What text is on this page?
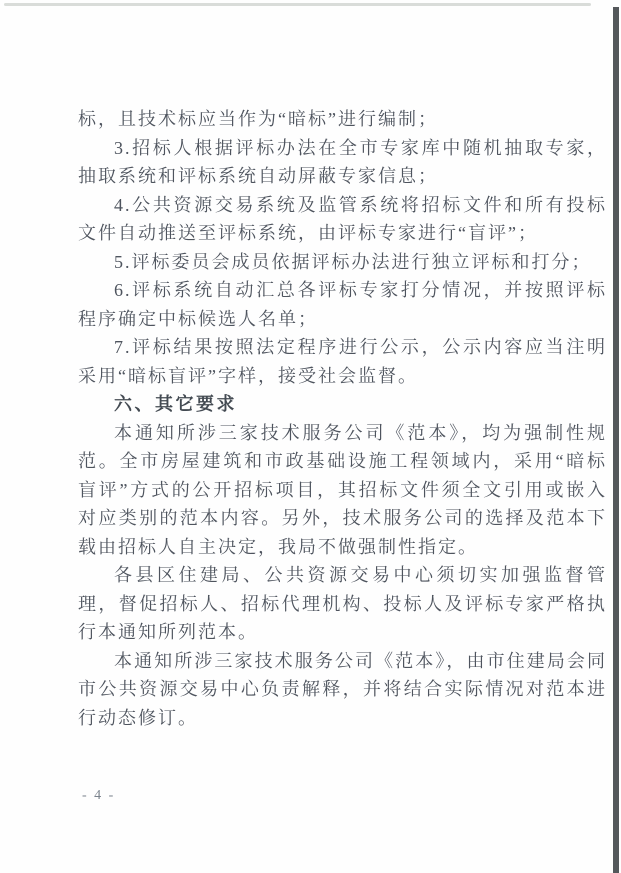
标，且技术标应当作为“暗标”进行编制；

3.招标人根据评标办法在全市专家库中随机抽取专家，抽取系统和评标系统自动屏蔽专家信息；

4.公共资源交易系统及监管系统将招标文件和所有投标文件自动推送至评标系统，由评标专家进行“盲评”；

5.评标委员会成员依据评标办法进行独立评标和打分；

6.评标系统自动汇总各评标专家打分情况，并按照评标程序确定中标候选人名单；

7.评标结果按照法定程序进行公示，公示内容应当注明采用“暗标盲评”字样，接受社会监督。

六、其它要求

本通知所涉三家技术服务公司《范本》，均为强制性规范。全市房屋建筑和市政基础设施工程领域内，采用“暗标盲评”方式的公开招标项目，其招标文件须全文引用或嵌入对应类别的范本内容。另外，技术服务公司的选择及范本下载由招标人自主决定，我局不做强制性指定。

各县区住建局、公共资源交易中心须切实加强监督管理，督促招标人、招标代理机构、投标人及评标专家严格执行本通知所列范本。

本通知所涉三家技术服务公司《范本》，由市住建局会同市公共资源交易中心负责解释，并将结合实际情况对范本进行动态修订。

- 4 -
